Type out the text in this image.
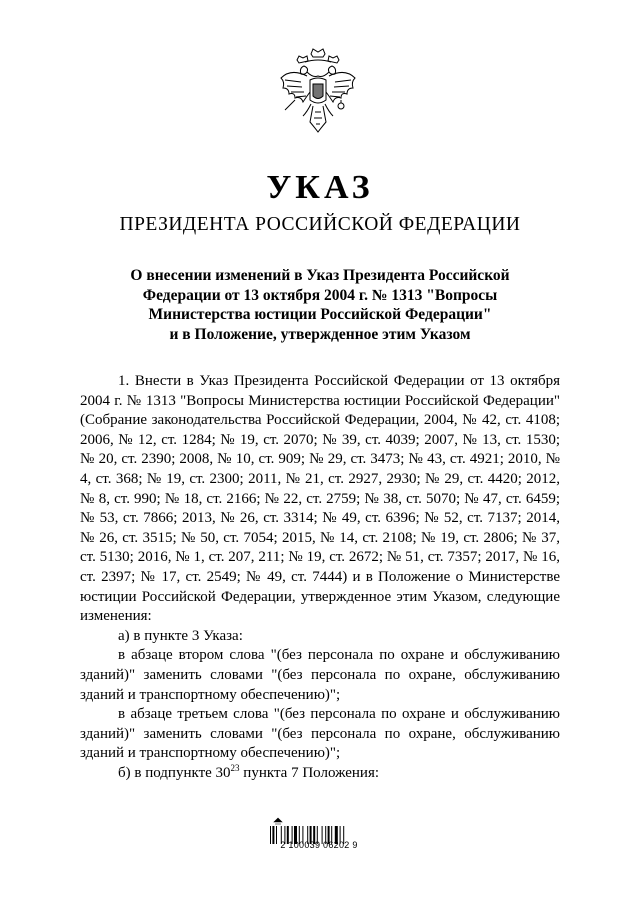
УКАЗ
ПРЕЗИДЕНТА РОССИЙСКОЙ ФЕДЕРАЦИИ
О внесении изменений в Указ Президента Российской
Федерации от 13 октября 2004 г. № 1313 "Вопросы
Министерства юстиции Российской Федерации"
и в Положение, утвержденное этим Указом

1. Внести в Указ Президента Российской Федерации от 13 октября 2004 г. № 1313 "Вопросы Министерства юстиции Российской Федерации" (Собрание законодательства Российской Федерации, 2004, № 42, ст. 4108; 2006, № 12, ст. 1284; № 19, ст. 2070; № 39, ст. 4039; 2007, № 13, ст. 1530; № 20, ст. 2390; 2008, № 10, ст. 909; № 29, ст. 3473; № 43, ст. 4921; 2010, № 4, ст. 368; № 19, ст. 2300; 2011, № 21, ст. 2927, 2930; № 29, ст. 4420; 2012, № 8, ст. 990; № 18, ст. 2166; № 22, ст. 2759; № 38, ст. 5070; № 47, ст. 6459; № 53, ст. 7866; 2013, № 26, ст. 3314; № 49, ст. 6396; № 52, ст. 7137; 2014, № 26, ст. 3515; № 50, ст. 7054; 2015, № 14, ст. 2108; № 19, ст. 2806; № 37, ст. 5130; 2016, № 1, ст. 207, 211; № 19, ст. 2672; № 51, ст. 7357; 2017, № 16, ст. 2397; № 17, ст. 2549; № 49, ст. 7444) и в Положение о Министерстве юстиции Российской Федерации, утвержденное этим Указом, следующие изменения:

а) в пункте 3 Указа:

в абзаце втором слова "(без персонала по охране и обслуживанию зданий)" заменить словами "(без персонала по охране, обслуживанию зданий и транспортному обеспечению)";

в абзаце третьем слова "(без персонала по охране и обслуживанию зданий)" заменить словами "(без персонала по охране, обслуживанию зданий и транспортному обеспечению)";

б) в подпункте $30^{23}$ пункта 7 Положения:

2 100039 06202 9
